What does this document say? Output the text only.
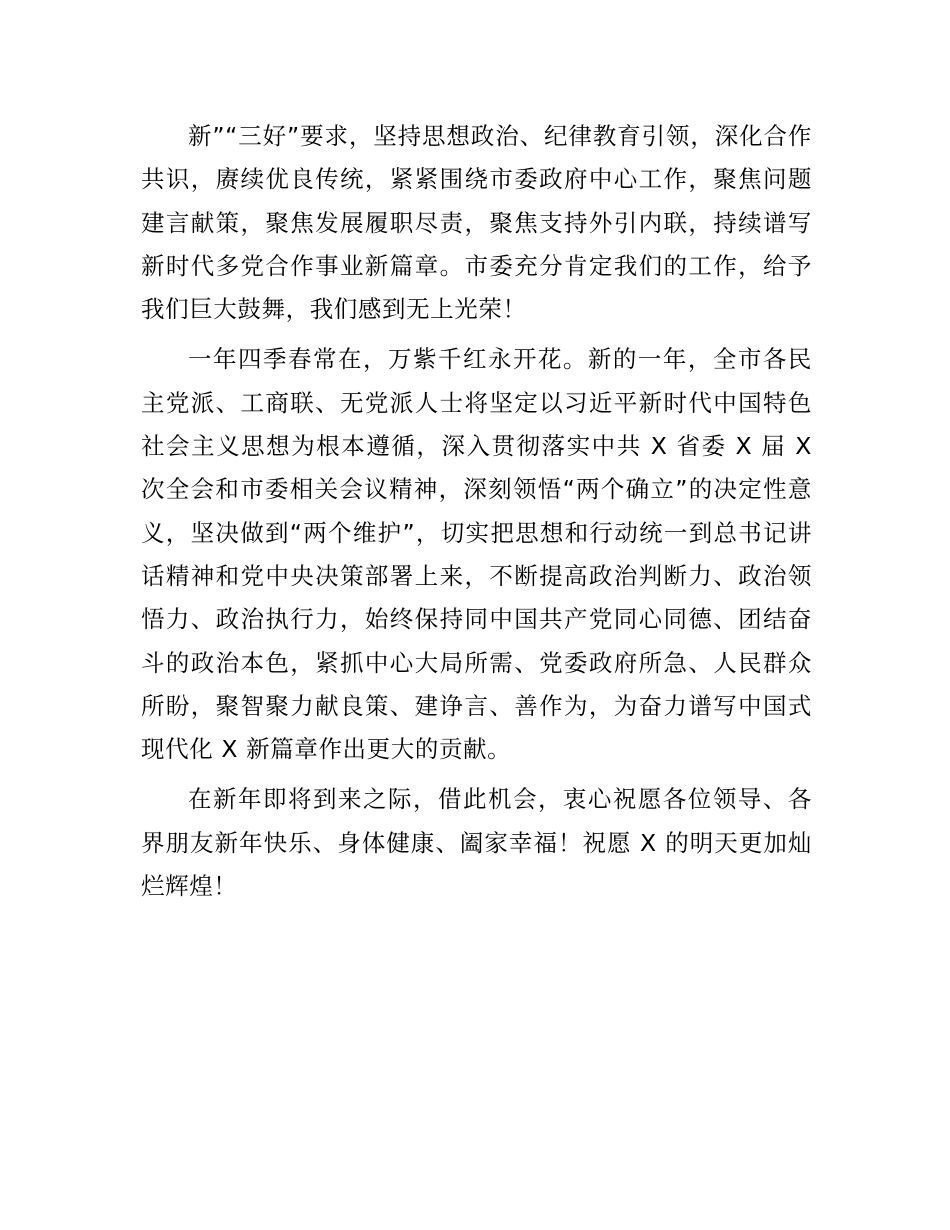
新”“三好”要求，坚持思想政治、纪律教育引领，深化合作共识，赓续优良传统，紧紧围绕市委政府中心工作，聚焦问题建言献策，聚焦发展履职尽责，聚焦支持外引内联，持续谱写新时代多党合作事业新篇章。市委充分肯定我们的工作，给予我们巨大鼓舞，我们感到无上光荣！

一年四季春常在，万紫千红永开花。新的一年，全市各民主党派、工商联、无党派人士将坚定以习近平新时代中国特色社会主义思想为根本遵循，深入贯彻落实中共 X 省委 X 届 X 次全会和市委相关会议精神，深刻领悟“两个确立”的决定性意义，坚决做到“两个维护”，切实把思想和行动统一到总书记讲话精神和党中央决策部署上来，不断提高政治判断力、政治领悟力、政治执行力，始终保持同中国共产党同心同德、团结奋斗的政治本色，紧抓中心大局所需、党委政府所急、人民群众所盼，聚智聚力献良策、建诤言、善作为，为奋力谱写中国式现代化 X 新篇章作出更大的贡献。

在新年即将到来之际，借此机会，衷心祝愿各位领导、各界朋友新年快乐、身体健康、阖家幸福！祝愿 X 的明天更加灿烂辉煌！
